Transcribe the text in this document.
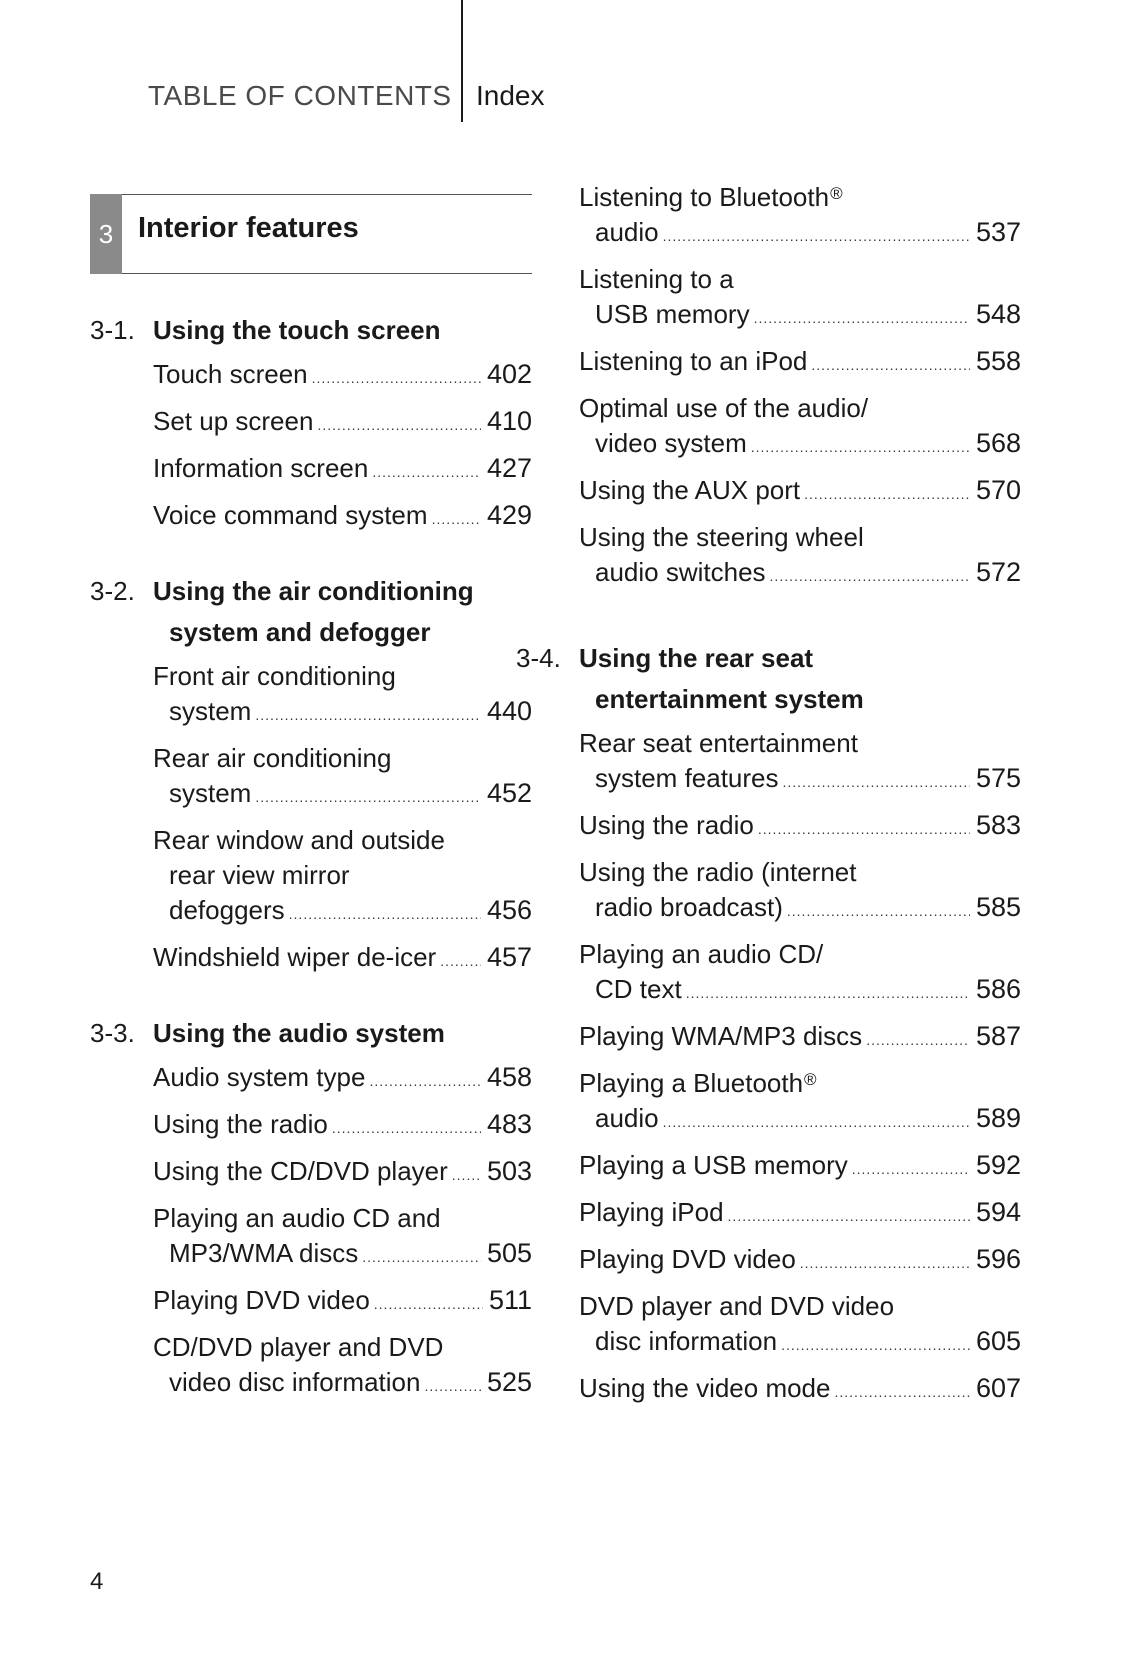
TABLE OF CONTENTS Index
3 Interior features
3-1. Using the touch screen
Touch screen .....	402
Set up screen .....	410
Information screen .....	427
Voice command system ..... 429
3-2. Using the air conditioning
system and defogger
Front air conditioning
system .....	440
Rear air conditioning
system .....	452
Rear window and outside
rear view mirror
defoggers .....	456
Windshield wiper de-icer ..... 457
3-3. Using the audio system
Audio system type .....	458
Using the radio .....	483
Using the CD/DVD player ..... 503
Playing an audio CD and
MP3/WMA discs .....	505
Playing DVD video .....	511
CD/DVD player and DVD
video disc information ..... 525
Listening to Bluetooth®
audio .....	537
Listening to a
USB memory .....	548
Listening to an iPod .....	558
Optimal use of the audio/
video system .....	568
Using the AUX port .....	570
Using the steering wheel
audio switches .....	572
3-4. Using the rear seat
entertainment system
Rear seat entertainment
system features .....	575
Using the radio .....	583
Using the radio (internet
radio broadcast) .....	585
Playing an audio CD/
CD text .....	586
Playing WMA/MP3 discs .....	587
Playing a Bluetooth®
audio .....	589
Playing a USB memory .....	592
Playing iPod .....	594
Playing DVD video .....	596
DVD player and DVD video
disc information .....	605
Using the video mode .....	607
4
